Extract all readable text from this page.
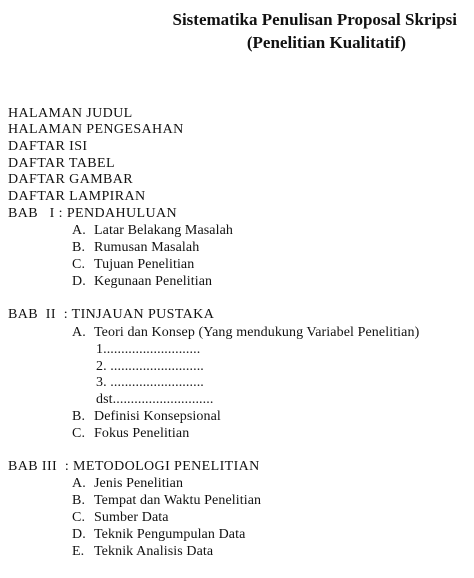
Sistematika Penulisan Proposal Skripsi
(Penelitian Kualitatif)
HALAMAN JUDUL
HALAMAN PENGESAHAN
DAFTAR ISI
DAFTAR TABEL
DAFTAR GAMBAR
DAFTAR LAMPIRAN
BAB   I : PENDAHULUAN
A. Latar Belakang Masalah
B. Rumusan Masalah
C. Tujuan Penelitian
D. Kegunaan Penelitian
BAB  II  : TINJAUAN PUSTAKA
A. Teori dan Konsep (Yang mendukung Variabel Penelitian)
1...........................
2. ..........................
3. ..........................
dst............................
B. Definisi Konsepsional
C. Fokus Penelitian
BAB III  : METODOLOGI PENELITIAN
A. Jenis Penelitian
B. Tempat dan Waktu Penelitian
C. Sumber Data
D. Teknik Pengumpulan Data
E. Teknik Analisis Data
